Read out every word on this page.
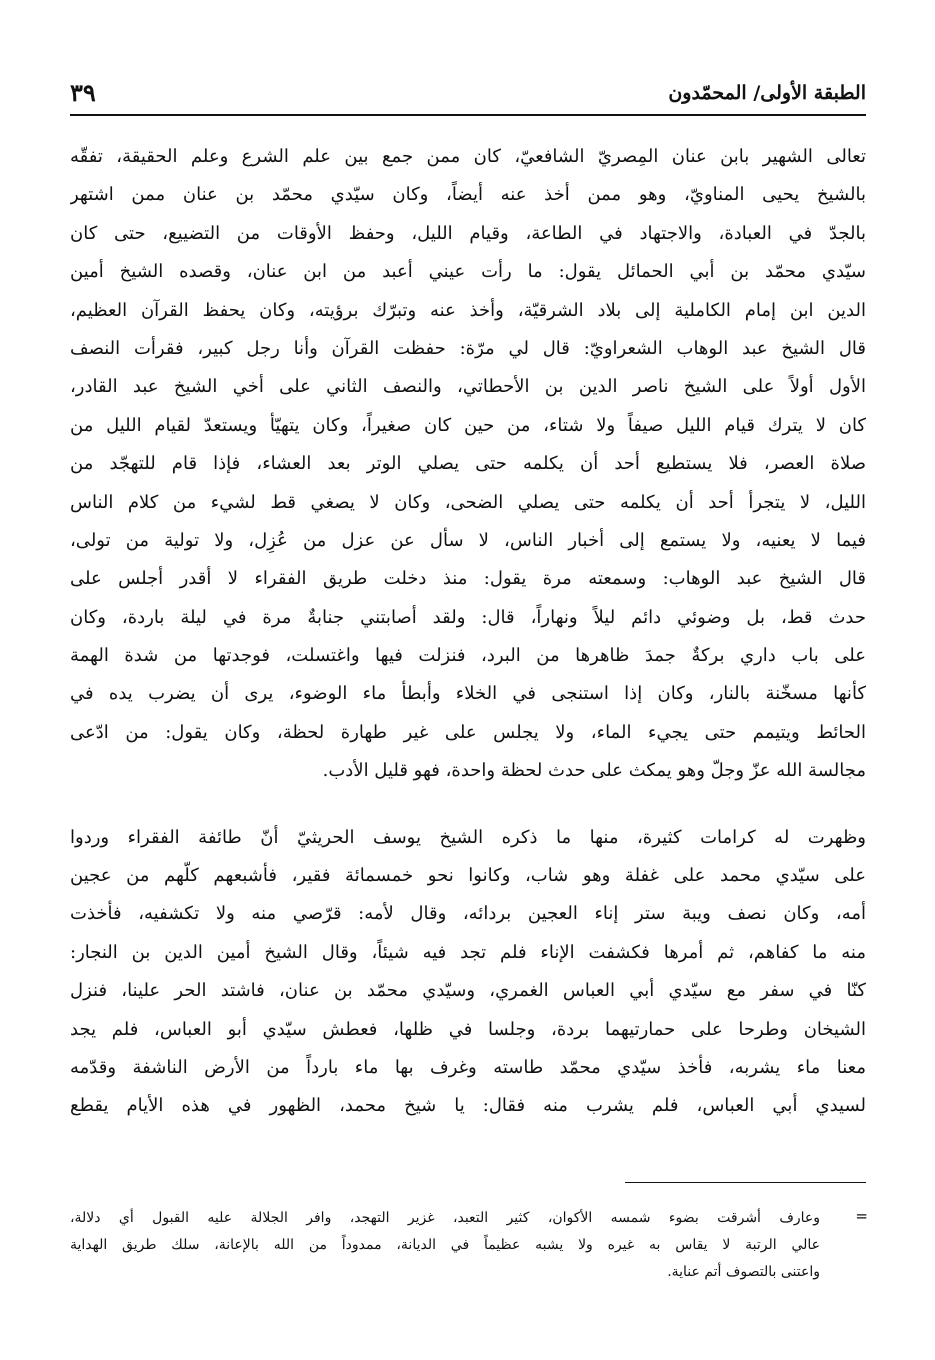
الطبقة الأولى/ المحمّدون
٣٩
تعالى الشهير بابن عنان المِصريّ الشافعيّ، كان ممن جمع بين علم الشرع وعلم الحقيقة، تفقّه
بالشيخ يحيى المناويّ، وهو ممن أخذ عنه أيضاً، وكان سيّدي محمّد بن عنان ممن اشتهر
بالجدّ في العبادة، والاجتهاد في الطاعة، وقيام الليل، وحفظ الأوقات من التضييع، حتى كان
سيّدي محمّد بن أبي الحمائل يقول: ما رأت عيني أعبد من ابن عنان، وقصده الشيخ أمين
الدين ابن إمام الكاملية إلى بلاد الشرقيّة، وأخذ عنه وتبرّك برؤيته، وكان يحفظ القرآن العظيم،
قال الشيخ عبد الوهاب الشعراويّ: قال لي مرّة: حفظت القرآن وأنا رجل كبير، فقرأت النصف
الأول أولاً على الشيخ ناصر الدين بن الأحطاتي، والنصف الثاني على أخي الشيخ عبد القادر،
كان لا يترك قيام الليل صيفاً ولا شتاء، من حين كان صغيراً، وكان يتهيّأ ويستعدّ لقيام الليل من
صلاة العصر، فلا يستطيع أحد أن يكلمه حتى يصلي الوتر بعد العشاء، فإذا قام للتهجّد من
الليل، لا يتجرأ أحد أن يكلمه حتى يصلي الضحى، وكان لا يصغي قط لشيء من كلام الناس
فيما لا يعنيه، ولا يستمع إلى أخبار الناس، لا سأل عن عزل من عُزِل، ولا تولية من تولى،
قال الشيخ عبد الوهاب: وسمعته مرة يقول: منذ دخلت طريق الفقراء لا أقدر أجلس على
حدث قط، بل وضوئي دائم ليلاً ونهاراً، قال: ولقد أصابتني جنابةٌ مرة في ليلة باردة، وكان
على باب داري بركةٌ جمدَ ظاهرها من البرد، فنزلت فيها واغتسلت، فوجدتها من شدة الهمة
كأنها مسخّنة بالنار، وكان إذا استنجى في الخلاء وأبطأ ماء الوضوء، يرى أن يضرب يده في
الحائط ويتيمم حتى يجيء الماء، ولا يجلس على غير طهارة لحظة، وكان يقول: من ادّعى
مجالسة الله عزّ وجلّ وهو يمكث على حدث لحظة واحدة، فهو قليل الأدب.
وظهرت له كرامات كثيرة، منها ما ذكره الشيخ يوسف الحريثيّ أنّ طائفة الفقراء وردوا
على سيّدي محمد على غفلة وهو شاب، وكانوا نحو خمسمائة فقير، فأشبعهم كلّهم من عجين
أمه، وكان نصف ويبة ستر إناء العجين بردائه، وقال لأمه: قرّصي منه ولا تكشفيه، فأخذت
منه ما كفاهم، ثم أمرها فكشفت الإناء فلم تجد فيه شيئاً، وقال الشيخ أمين الدين بن النجار:
كنّا في سفر مع سيّدي أبي العباس الغمري، وسيّدي محمّد بن عنان، فاشتد الحر علينا، فنزل
الشيخان وطرحا على حمارتيهما بردة، وجلسا في ظلها، فعطش سيّدي أبو العباس، فلم يجد
معنا ماء يشربه، فأخذ سيّدي محمّد طاسته وغرف بها ماء بارداً من الأرض الناشفة وقدّمه
لسيدي أبي العباس، فلم يشرب منه فقال: يا شيخ محمد، الظهور في هذه الأيام يقطع
=
وعارف أشرقت بضوء شمسه الأكوان، كثير التعبد، غزير التهجد، وافر الجلالة عليه القبول أي دلالة،
عالي الرتبة لا يقاس به غيره ولا يشبه عظيماً في الديانة، ممدوداً من الله بالإعانة، سلك طريق الهداية
واعتنى بالتصوف أتم عناية.
